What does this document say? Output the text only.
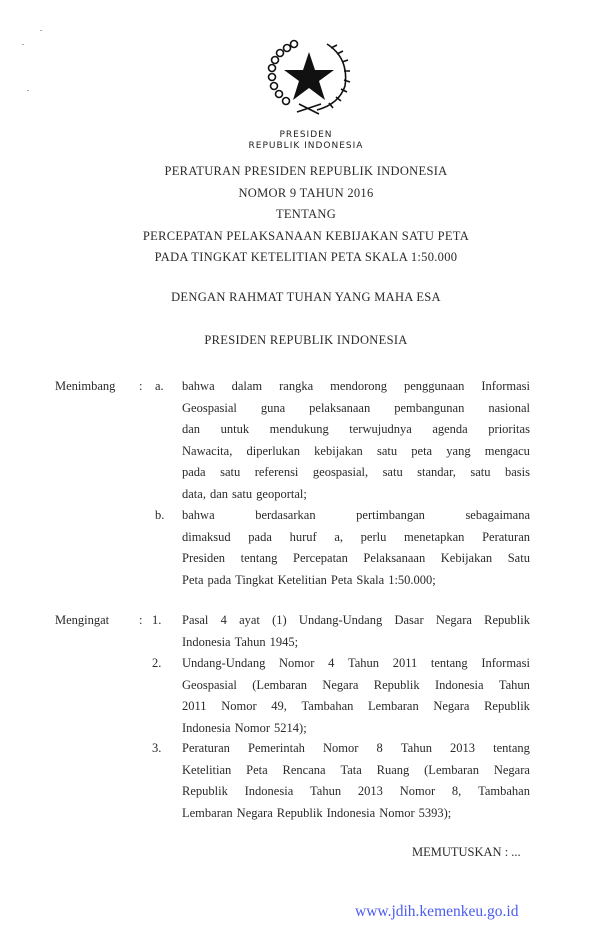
PRESIDEN
REPUBLIK INDONESIA
PERATURAN PRESIDEN REPUBLIK INDONESIA
NOMOR 9 TAHUN 2016
TENTANG
PERCEPATAN PELAKSANAAN KEBIJAKAN SATU PETA
PADA TINGKAT KETELITIAN PETA SKALA 1:50.000
DENGAN RAHMAT TUHAN YANG MAHA ESA
PRESIDEN REPUBLIK INDONESIA
Menimbang : a. bahwa dalam rangka mendorong penggunaan Informasi
Geospasial guna pelaksanaan pembangunan nasional
dan untuk mendukung terwujudnya agenda prioritas
Nawacita, diperlukan kebijakan satu peta yang mengacu
pada satu referensi geospasial, satu standar, satu basis
data, dan satu geoportal;
b. bahwa	berdasarkan	pertimbangan	sebagaimana
dimaksud pada huruf a, perlu menetapkan Peraturan
Presiden tentang Percepatan Pelaksanaan Kebijakan Satu
Peta pada Tingkat Ketelitian Peta Skala 1:50.000;
Mengingat : 1. Pasal 4 ayat (1) Undang-Undang Dasar Negara Republik
Indonesia Tahun 1945;
2. Undang-Undang Nomor 4 Tahun 2011 tentang Informasi
Geospasial (Lembaran Negara Republik Indonesia Tahun
2011 Nomor 49, Tambahan Lembaran Negara Republik
Indonesia Nomor 5214);
3. Peraturan Pemerintah Nomor 8 Tahun 2013 tentang
Ketelitian Peta Rencana Tata Ruang (Lembaran Negara
Republik Indonesia Tahun 2013 Nomor 8, Tambahan
Lembaran Negara Republik Indonesia Nomor 5393);
MEMUTUSKAN : ...
www.jdih.kemenkeu.go.id
